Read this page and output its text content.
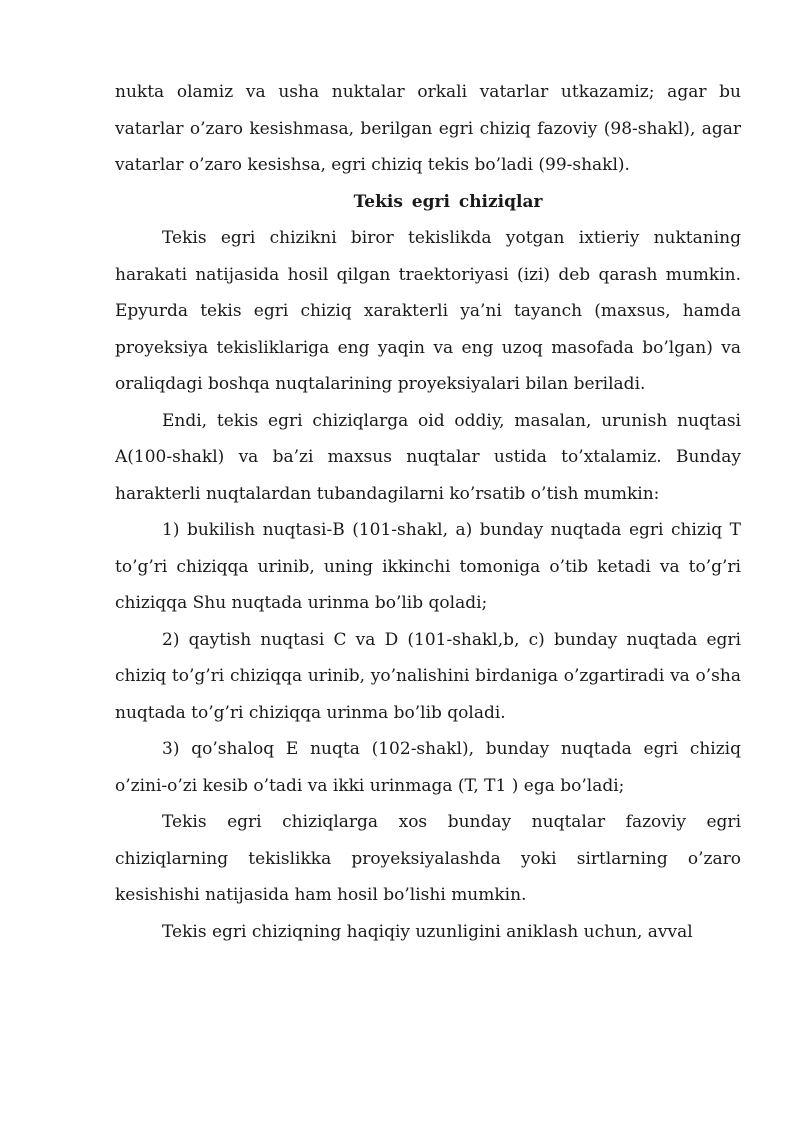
nukta olamiz va usha nuktalar orkali vatarlar utkazamiz; agar bu vatarlar o’zaro kesishmasa, berilgan egri chiziq fazoviy (98-shakl), agar vatarlar o’zaro kesishsa, egri chiziq tekis bo’ladi (99-shakl).

Tekis egri chiziqlar

Tekis egri chizikni biror tekislikda yotgan ixtieriy nuktaning harakati natijasida hosil qilgan traektoriyasi (izi) deb qarash mumkin. Epyurda tekis egri chiziq xarakterli ya’ni tayanch (maxsus, hamda proyeksiya tekisliklariga eng yaqin va eng uzoq masofada bo’lgan) va oraliqdagi boshqa nuqtalarining proyeksiyalari bilan beriladi.

Endi, tekis egri chiziqlarga oid oddiy, masalan, urunish nuqtasi A(100-shakl) va ba’zi maxsus nuqtalar ustida to’xtalamiz. Bunday harakterli nuqtalardan tubandagilarni ko’rsatib o’tish mumkin:

1) bukilish nuqtasi-B (101-shakl, a) bunday nuqtada egri chiziq T to’g’ri chiziqqa urinib, uning ikkinchi tomoniga o’tib ketadi va to’g’ri chiziqqa Shu nuqtada urinma bo’lib qoladi;

2) qaytish nuqtasi C va D (101-shakl,b, c) bunday nuqtada egri chiziq to’g’ri chiziqqa urinib, yo’nalishini birdaniga o’zgartiradi va o’sha nuqtada to’g’ri chiziqqa urinma bo’lib qoladi.

3) qo’shaloq E nuqta (102-shakl), bunday nuqtada egri chiziq o’zini-o’zi kesib o’tadi va ikki urinmaga (T, T1 ) ega bo’ladi;

Tekis egri chiziqlarga xos bunday nuqtalar fazoviy egri chiziqlarning tekislikka proyeksiyalashda yoki sirtlarning o’zaro kesishishi natijasida ham hosil bo’lishi mumkin.

Tekis egri chiziqning haqiqiy uzunligini aniklash uchun, avval
